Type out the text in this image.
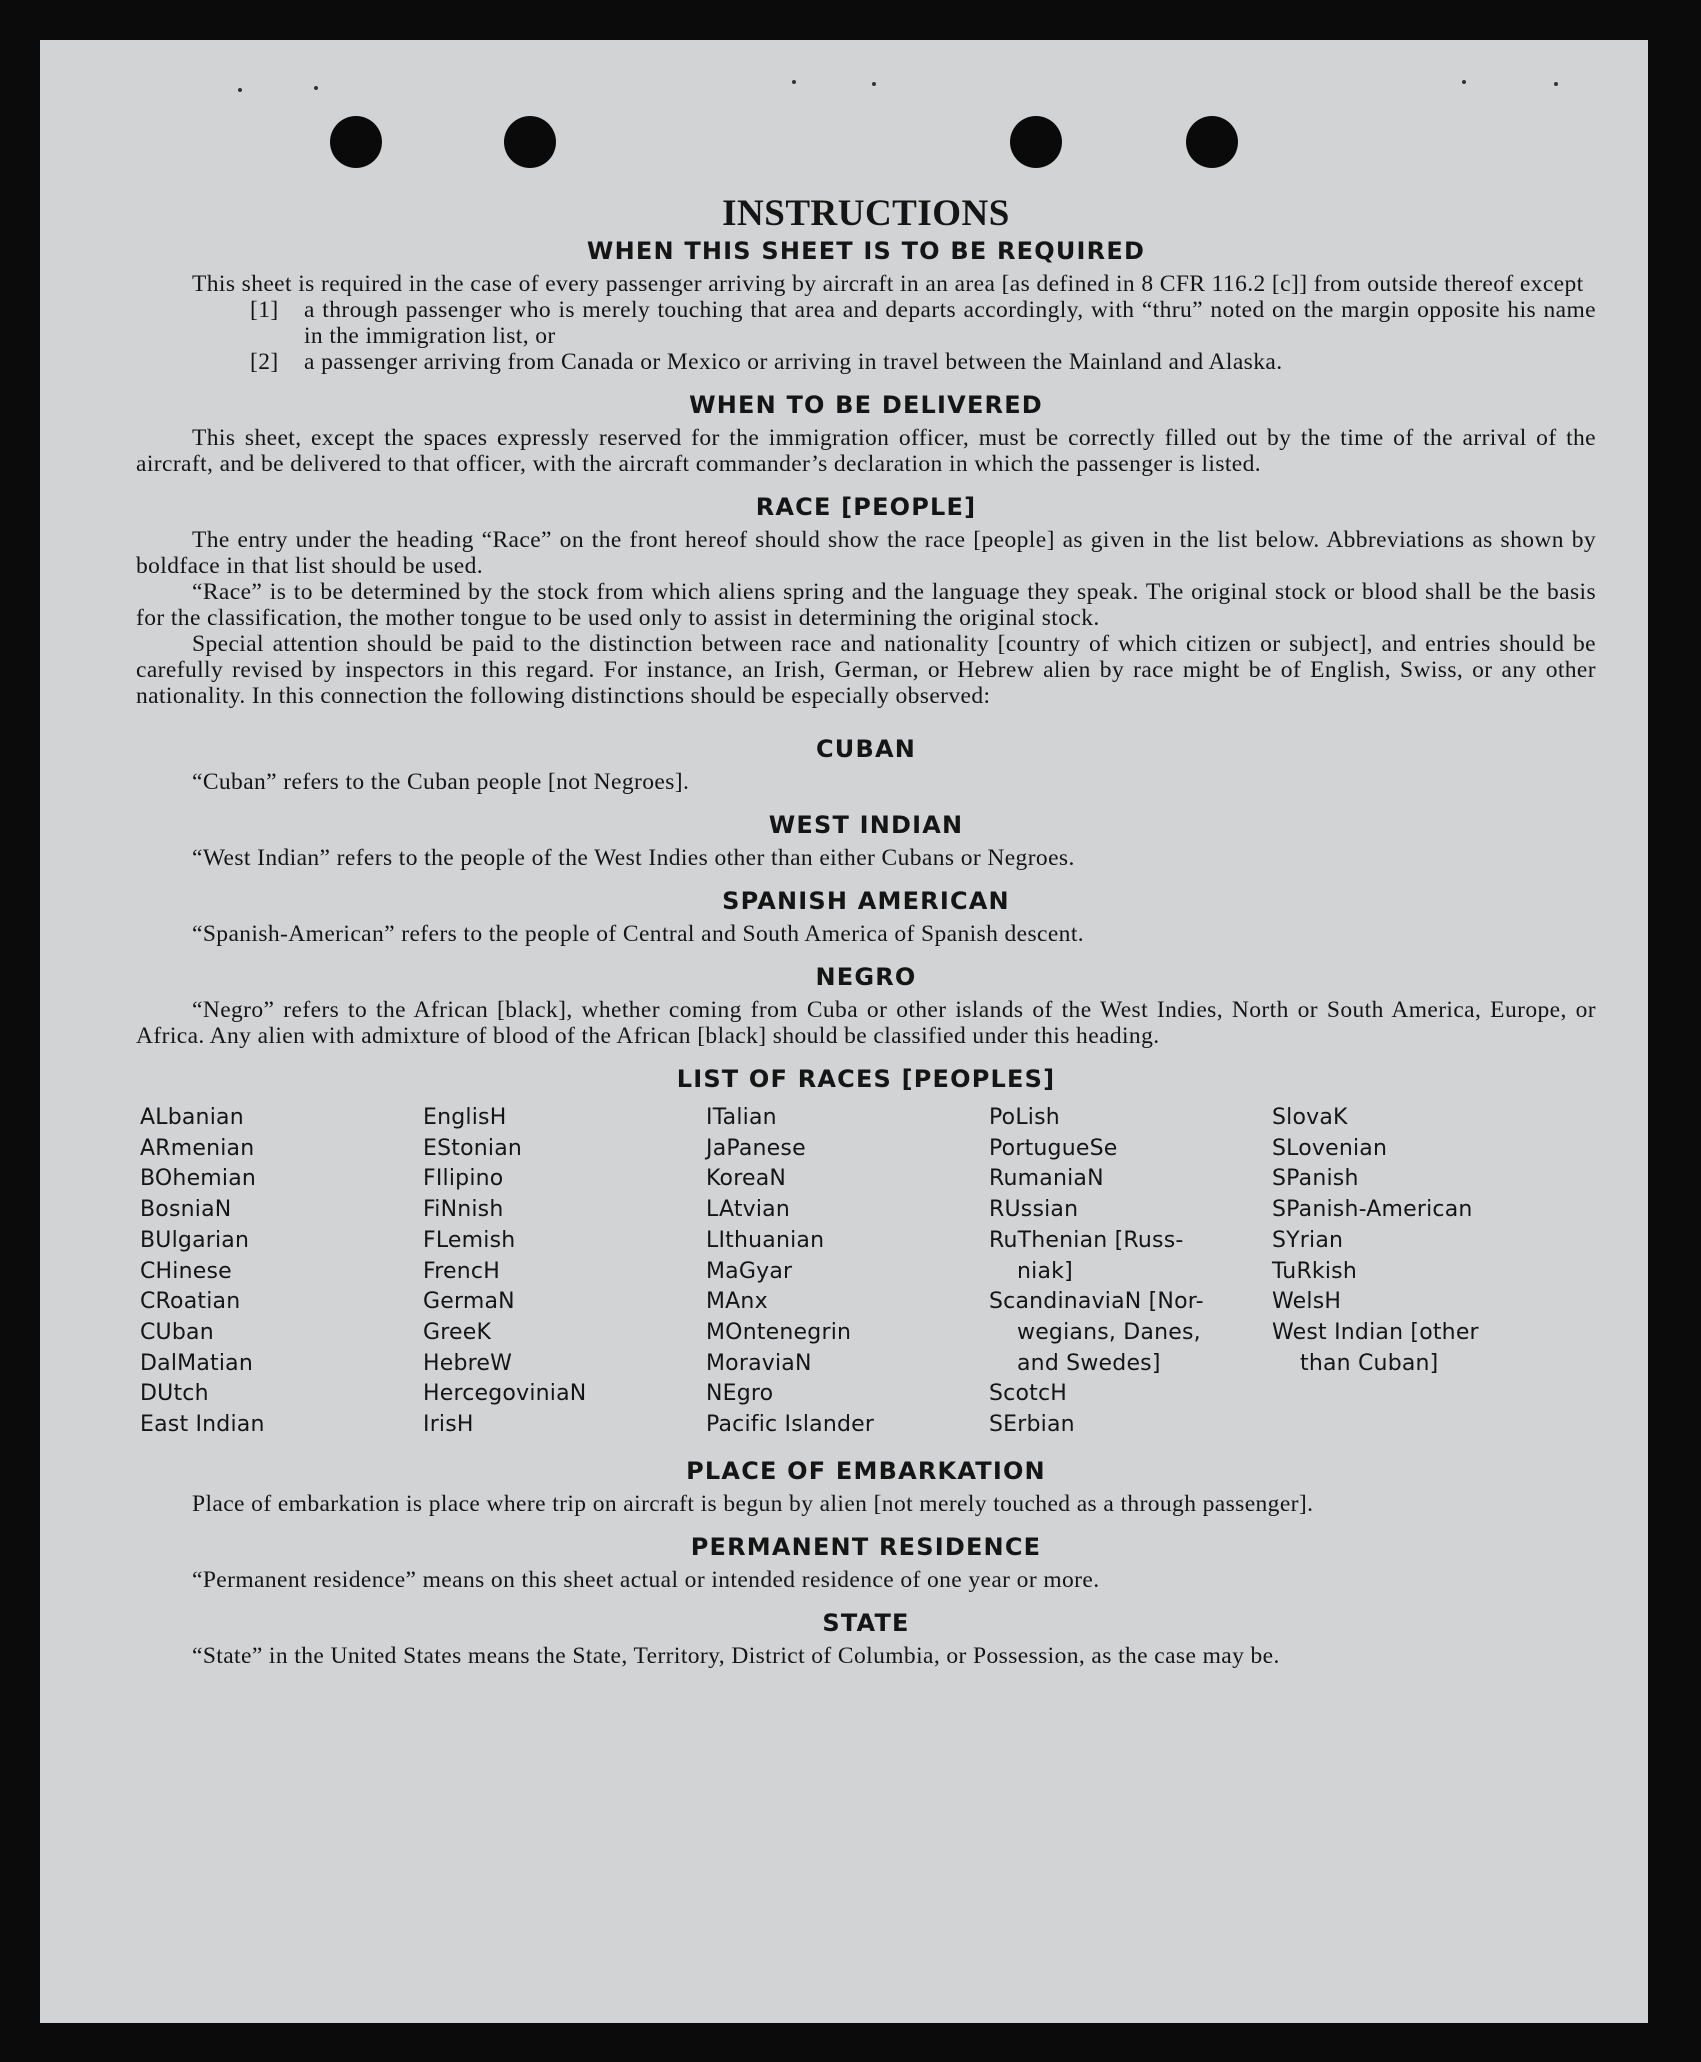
INSTRUCTIONS
WHEN THIS SHEET IS TO BE REQUIRED

This sheet is required in the case of every passenger arriving by aircraft in an area [as defined in 8 CFR 116.2 [c]] from outside thereof except

[1]	a through passenger who is merely touching that area and departs accordingly, with “thru” noted on the margin opposite his name in the immigration list, or
[2]	a passenger arriving from Canada or Mexico or arriving in travel between the Mainland and Alaska.
WHEN TO BE DELIVERED

This sheet, except the spaces expressly reserved for the immigration officer, must be correctly filled out by the time of the arrival of the aircraft, and be delivered to that officer, with the aircraft commander’s declaration in which the passenger is listed.

RACE [PEOPLE]

The entry under the heading “Race” on the front hereof should show the race [people] as given in the list below. Abbreviations as shown by boldface in that list should be used.

“Race” is to be determined by the stock from which aliens spring and the language they speak. The original stock or blood shall be the basis for the classification, the mother tongue to be used only to assist in determining the original stock.

Special attention should be paid to the distinction between race and nationality [country of which citizen or subject], and entries should be carefully revised by inspectors in this regard. For instance, an Irish, German, or Hebrew alien by race might be of English, Swiss, or any other nationality. In this connection the following distinctions should be especially observed:

CUBAN

“Cuban” refers to the Cuban people [not Negroes].

WEST INDIAN

“West Indian” refers to the people of the West Indies other than either Cubans or Negroes.

SPANISH AMERICAN

“Spanish-American” refers to the people of Central and South America of Spanish descent.

NEGRO

“Negro” refers to the African [black], whether coming from Cuba or other islands of the West Indies, North or South America, Europe, or Africa. Any alien with admixture of blood of the African [black] should be classified under this heading.

LIST OF RACES [PEOPLES]
ALbanian
ARmenian
BOhemian
BosniaN
BUlgarian
CHinese
CRoatian
CUban
DalMatian
DUtch
East Indian
EnglisH
EStonian
FIlipino
FiNnish
FLemish
FrencH
GermaN
GreeK
HebreW
HercegoviniaN
IrisH
ITalian
JaPanese
KoreaN
LAtvian
LIthuanian
MaGyar
MAnx
MOntenegrin
MoraviaN
NEgro
Pacific Islander
PoLish
PortugueSe
RumaniaN
RUssian
RuThenian [Russ-
niak]
ScandinaviaN [Nor-
wegians, Danes,
and Swedes]
ScotcH
SErbian
SlovaK
SLovenian
SPanish
SPanish-American
SYrian
TuRkish
WelsH
West Indian [other
than Cuban]
PLACE OF EMBARKATION

Place of embarkation is place where trip on aircraft is begun by alien [not merely touched as a through passenger].

PERMANENT RESIDENCE

“Permanent residence” means on this sheet actual or intended residence of one year or more.

STATE

“State” in the United States means the State, Territory, District of Columbia, or Possession, as the case may be.
